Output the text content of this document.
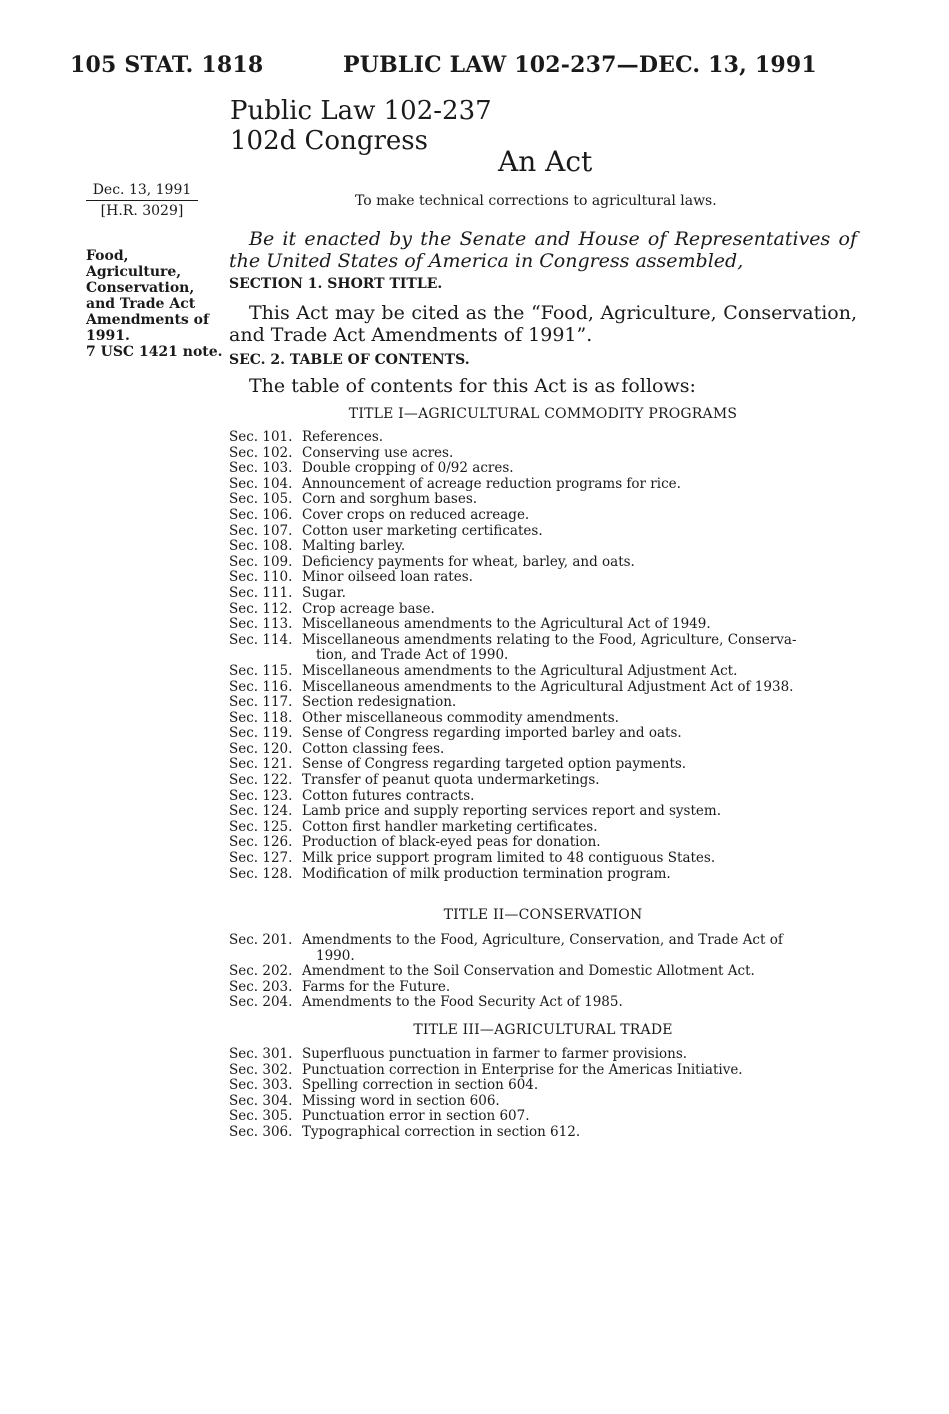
105 STAT. 1818	PUBLIC LAW 102-237—DEC. 13, 1991
Public Law 102-237
102d Congress
An Act
Dec. 13, 1991
[H.R. 3029]
Food,
Agriculture,
Conservation,
and Trade Act
Amendments of
1991.
7 USC 1421 note.
To make technical corrections to agricultural laws.
Be it enacted by the Senate and House of Representatives of the United States of America in Congress assembled,
SECTION 1. SHORT TITLE.
This Act may be cited as the “Food, Agriculture, Conservation, and Trade Act Amendments of 1991”.
SEC. 2. TABLE OF CONTENTS.
The table of contents for this Act is as follows:
TITLE I—AGRICULTURAL COMMODITY PROGRAMS
Sec. 101. References.
Sec. 102. Conserving use acres.
Sec. 103. Double cropping of 0/92 acres.
Sec. 104. Announcement of acreage reduction programs for rice.
Sec. 105. Corn and sorghum bases.
Sec. 106. Cover crops on reduced acreage.
Sec. 107. Cotton user marketing certificates.
Sec. 108. Malting barley.
Sec. 109. Deficiency payments for wheat, barley, and oats.
Sec. 110. Minor oilseed loan rates.
Sec. 111. Sugar.
Sec. 112. Crop acreage base.
Sec. 113. Miscellaneous amendments to the Agricultural Act of 1949.
Sec. 114. Miscellaneous amendments relating to the Food, Agriculture, Conserva-
tion, and Trade Act of 1990.
Sec. 115. Miscellaneous amendments to the Agricultural Adjustment Act.
Sec. 116. Miscellaneous amendments to the Agricultural Adjustment Act of 1938.
Sec. 117. Section redesignation.
Sec. 118. Other miscellaneous commodity amendments.
Sec. 119. Sense of Congress regarding imported barley and oats.
Sec. 120. Cotton classing fees.
Sec. 121. Sense of Congress regarding targeted option payments.
Sec. 122. Transfer of peanut quota undermarketings.
Sec. 123. Cotton futures contracts.
Sec. 124. Lamb price and supply reporting services report and system.
Sec. 125. Cotton first handler marketing certificates.
Sec. 126. Production of black-eyed peas for donation.
Sec. 127. Milk price support program limited to 48 contiguous States.
Sec. 128. Modification of milk production termination program.
TITLE II—CONSERVATION
Sec. 201. Amendments to the Food, Agriculture, Conservation, and Trade Act of
1990.
Sec. 202. Amendment to the Soil Conservation and Domestic Allotment Act.
Sec. 203. Farms for the Future.
Sec. 204. Amendments to the Food Security Act of 1985.
TITLE III—AGRICULTURAL TRADE
Sec. 301. Superfluous punctuation in farmer to farmer provisions.
Sec. 302. Punctuation correction in Enterprise for the Americas Initiative.
Sec. 303. Spelling correction in section 604.
Sec. 304. Missing word in section 606.
Sec. 305. Punctuation error in section 607.
Sec. 306. Typographical correction in section 612.
